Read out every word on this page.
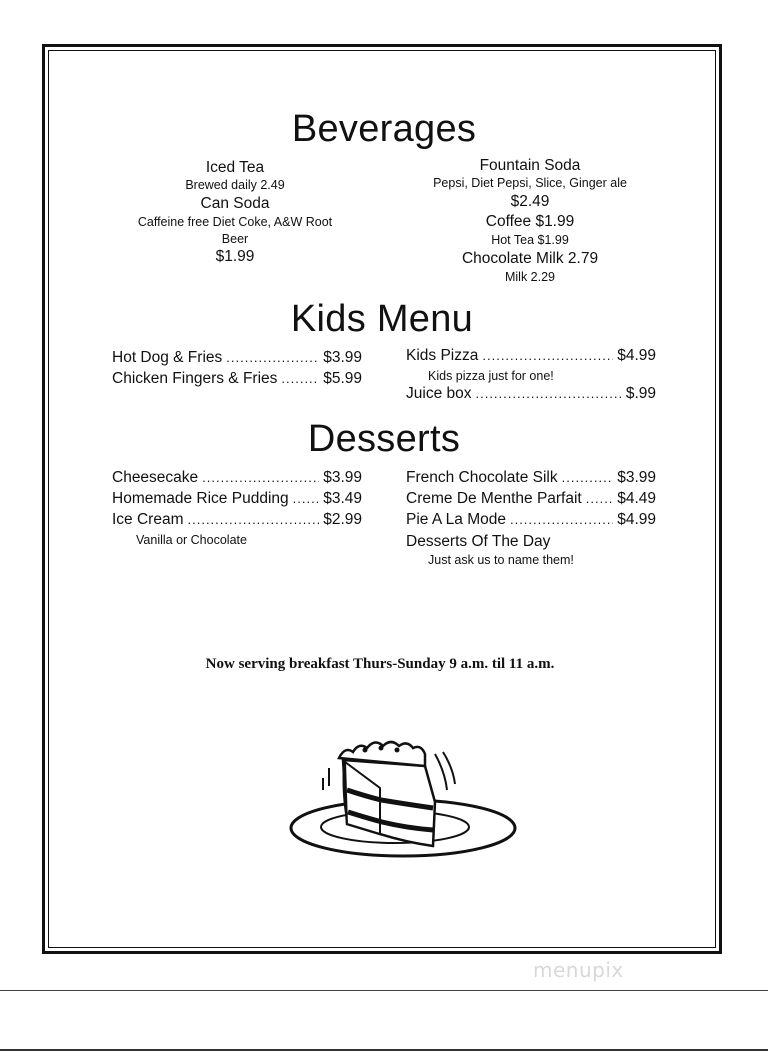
Beverages
Iced Tea
Brewed daily 2.49
Can Soda
Caffeine free Diet Coke, A&W Root
Beer
$1.99
Fountain Soda
Pepsi, Diet Pepsi, Slice, Ginger ale
$2.49
Coffee $1.99
Hot Tea $1.99
Chocolate Milk 2.79
Milk 2.29
Kids Menu
Hot Dog & Fries .....	$3.99
Chicken Fingers & Fries .....	$5.99
Kids Pizza .....	$4.99
Kids pizza just for one!
Juice box .....	$.99
Desserts
Cheesecake .....	$3.99
Homemade Rice Pudding ..... $3.49
Ice Cream .....	$2.99
Vanilla or Chocolate
French Chocolate Silk .....	$3.99
Creme De Menthe Parfait ..... $4.49
Pie A La Mode .....	$4.99
Desserts Of The Day
Just ask us to name them!
Now serving breakfast Thurs-Sunday 9 a.m. til 11 a.m.
menupix
